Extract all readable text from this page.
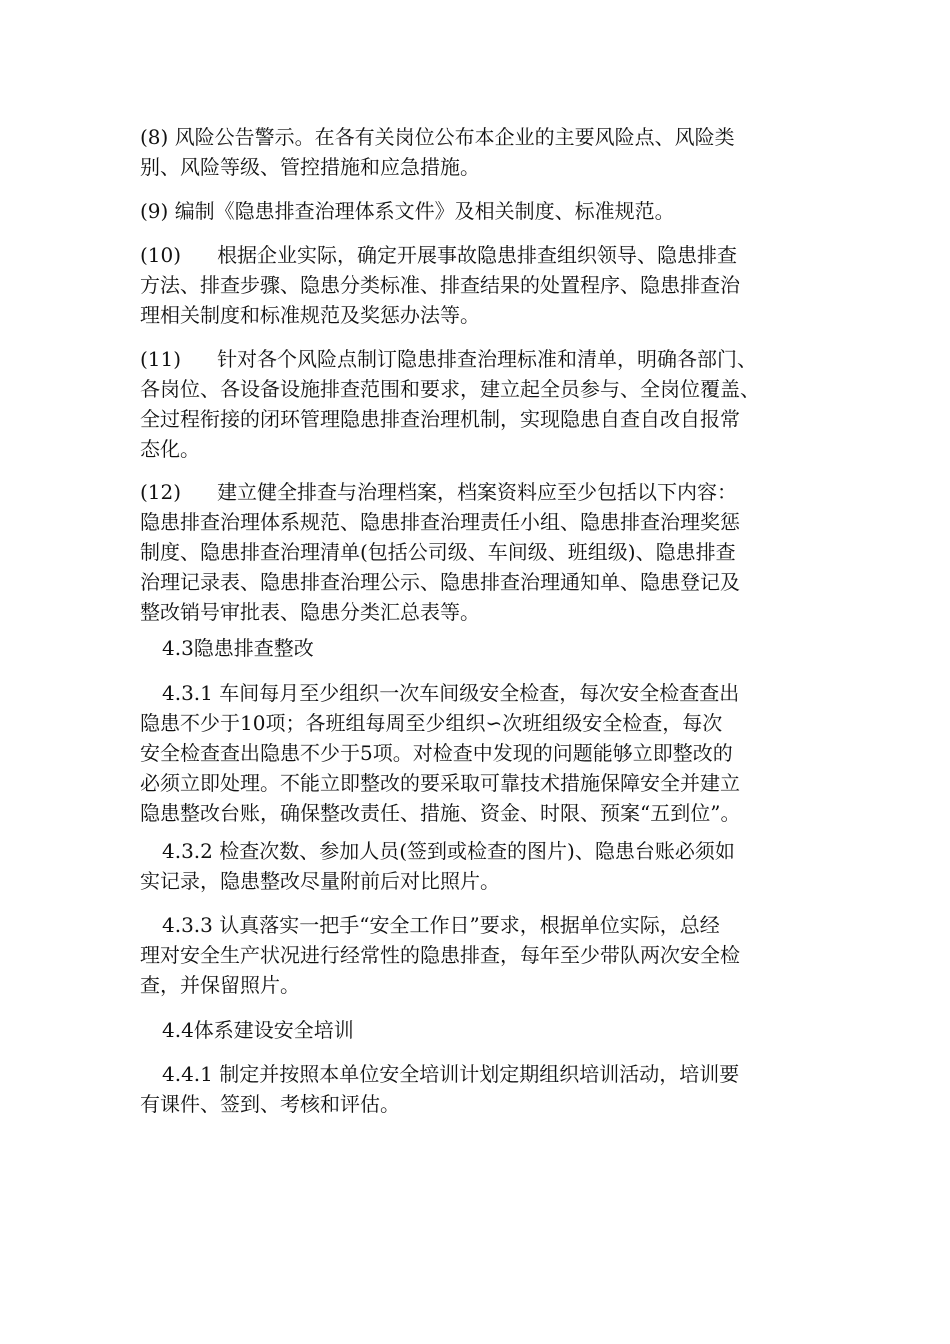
(8) 风险公告警示。在各有关岗位公布本企业的主要风险点、风险类
别、风险等级、管控措施和应急措施。

(9) 编制《隐患排查治理体系文件》及相关制度、标准规范。

(10) 根据企业实际，确定开展事故隐患排查组织领导、隐患排查
方法、排查步骤、隐患分类标准、排查结果的处置程序、隐患排查治
理相关制度和标准规范及奖惩办法等。

(11) 针对各个风险点制订隐患排查治理标准和清单，明确各部门、
各岗位、各设备设施排查范围和要求，建立起全员参与、全岗位覆盖、
全过程衔接的闭环管理隐患排查治理机制，实现隐患自查自改自报常
态化。

(12) 建立健全排查与治理档案，档案资料应至少包括以下内容：
隐患排查治理体系规范、隐患排查治理责任小组、隐患排查治理奖惩
制度、隐患排查治理清单(包括公司级、车间级、班组级)、隐患排查
治理记录表、隐患排查治理公示、隐患排查治理通知单、隐患登记及
整改销号审批表、隐患分类汇总表等。

4.3隐患排查整改

4.3.1 车间每月至少组织一次车间级安全检查，每次安全检查查出
隐患不少于10项；各班组每周至少组织∽次班组级安全检查，每次
安全检查查出隐患不少于5项。对检查中发现的问题能够立即整改的
必须立即处理。不能立即整改的要采取可靠技术措施保障安全并建立
隐患整改台账，确保整改责任、措施、资金、时限、预案“五到位”。

4.3.2 检查次数、参加人员(签到或检查的图片)、隐患台账必须如
实记录，隐患整改尽量附前后对比照片。

4.3.3 认真落实一把手“安全工作日”要求，根据单位实际，总经
理对安全生产状况进行经常性的隐患排查，每年至少带队两次安全检
查，并保留照片。

4.4体系建设安全培训

4.4.1 制定并按照本单位安全培训计划定期组织培训活动，培训要
有课件、签到、考核和评估。
